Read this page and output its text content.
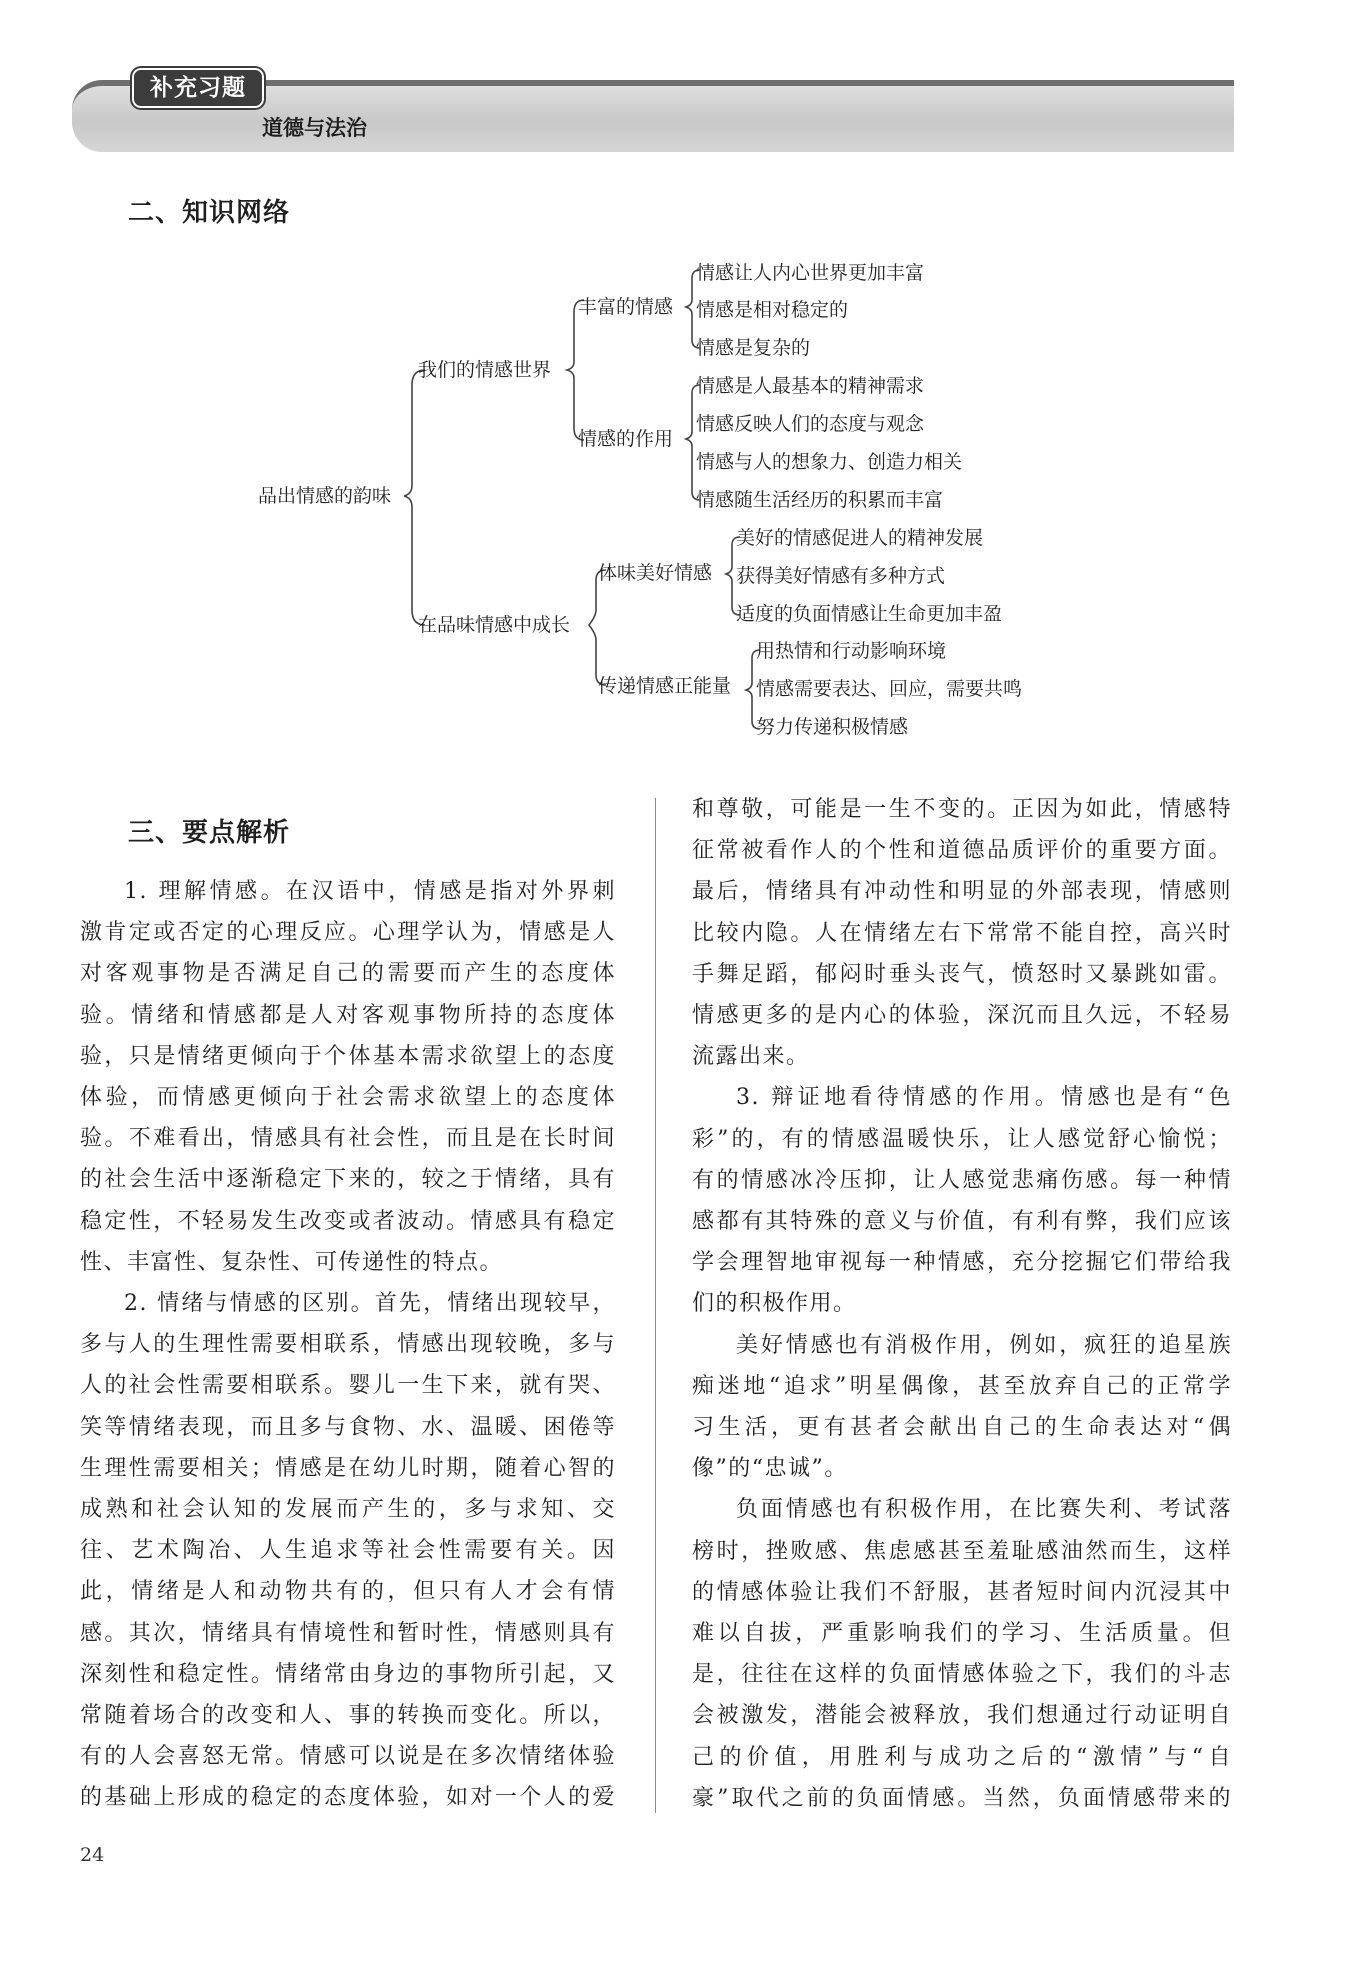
补充习题
道德与法治
二、知识网络
品出情感的韵味
我们的情感世界
在品味情感中成长
丰富的情感
情感的作用
体味美好情感
传递情感正能量
情感让人内心世界更加丰富
情感是相对稳定的
情感是复杂的
情感是人最基本的精神需求
情感反映人们的态度与观念
情感与人的想象力、创造力相关
情感随生活经历的积累而丰富
美好的情感促进人的精神发展
获得美好情感有多种方式
适度的负面情感让生命更加丰盈
用热情和行动影响环境
情感需要表达、回应，需要共鸣
努力传递积极情感
三、要点解析

1. 理解情感。在汉语中，情感是指对外界刺

激肯定或否定的心理反应。心理学认为，情感是人

对客观事物是否满足自己的需要而产生的态度体

验。情绪和情感都是人对客观事物所持的态度体

验，只是情绪更倾向于个体基本需求欲望上的态度

体验，而情感更倾向于社会需求欲望上的态度体

验。不难看出，情感具有社会性，而且是在长时间

的社会生活中逐渐稳定下来的，较之于情绪，具有

稳定性，不轻易发生改变或者波动。情感具有稳定

性、丰富性、复杂性、可传递性的特点。

2. 情绪与情感的区别。首先，情绪出现较早，

多与人的生理性需要相联系，情感出现较晚，多与

人的社会性需要相联系。婴儿一生下来，就有哭、

笑等情绪表现，而且多与食物、水、温暖、困倦等

生理性需要相关；情感是在幼儿时期，随着心智的

成熟和社会认知的发展而产生的，多与求知、交

往、艺术陶冶、人生追求等社会性需要有关。因

此，情绪是人和动物共有的，但只有人才会有情

感。其次，情绪具有情境性和暂时性，情感则具有

深刻性和稳定性。情绪常由身边的事物所引起，又

常随着场合的改变和人、事的转换而变化。所以，

有的人会喜怒无常。情感可以说是在多次情绪体验

的基础上形成的稳定的态度体验，如对一个人的爱

和尊敬，可能是一生不变的。正因为如此，情感特

征常被看作人的个性和道德品质评价的重要方面。

最后，情绪具有冲动性和明显的外部表现，情感则

比较内隐。人在情绪左右下常常不能自控，高兴时

手舞足蹈，郁闷时垂头丧气，愤怒时又暴跳如雷。

情感更多的是内心的体验，深沉而且久远，不轻易

流露出来。

3. 辩证地看待情感的作用。情感也是有“色

彩”的，有的情感温暖快乐，让人感觉舒心愉悦；

有的情感冰冷压抑，让人感觉悲痛伤感。每一种情

感都有其特殊的意义与价值，有利有弊，我们应该

学会理智地审视每一种情感，充分挖掘它们带给我

们的积极作用。

美好情感也有消极作用，例如，疯狂的追星族

痴迷地“追求”明星偶像，甚至放弃自己的正常学

习生活，更有甚者会献出自己的生命表达对“偶

像”的“忠诚”。

负面情感也有积极作用，在比赛失利、考试落

榜时，挫败感、焦虑感甚至羞耻感油然而生，这样

的情感体验让我们不舒服，甚者短时间内沉浸其中

难以自拔，严重影响我们的学习、生活质量。但

是，往往在这样的负面情感体验之下，我们的斗志

会被激发，潜能会被释放，我们想通过行动证明自

己的价值，用胜利与成功之后的“激情”与“自

豪”取代之前的负面情感。当然，负面情感带来的

24
